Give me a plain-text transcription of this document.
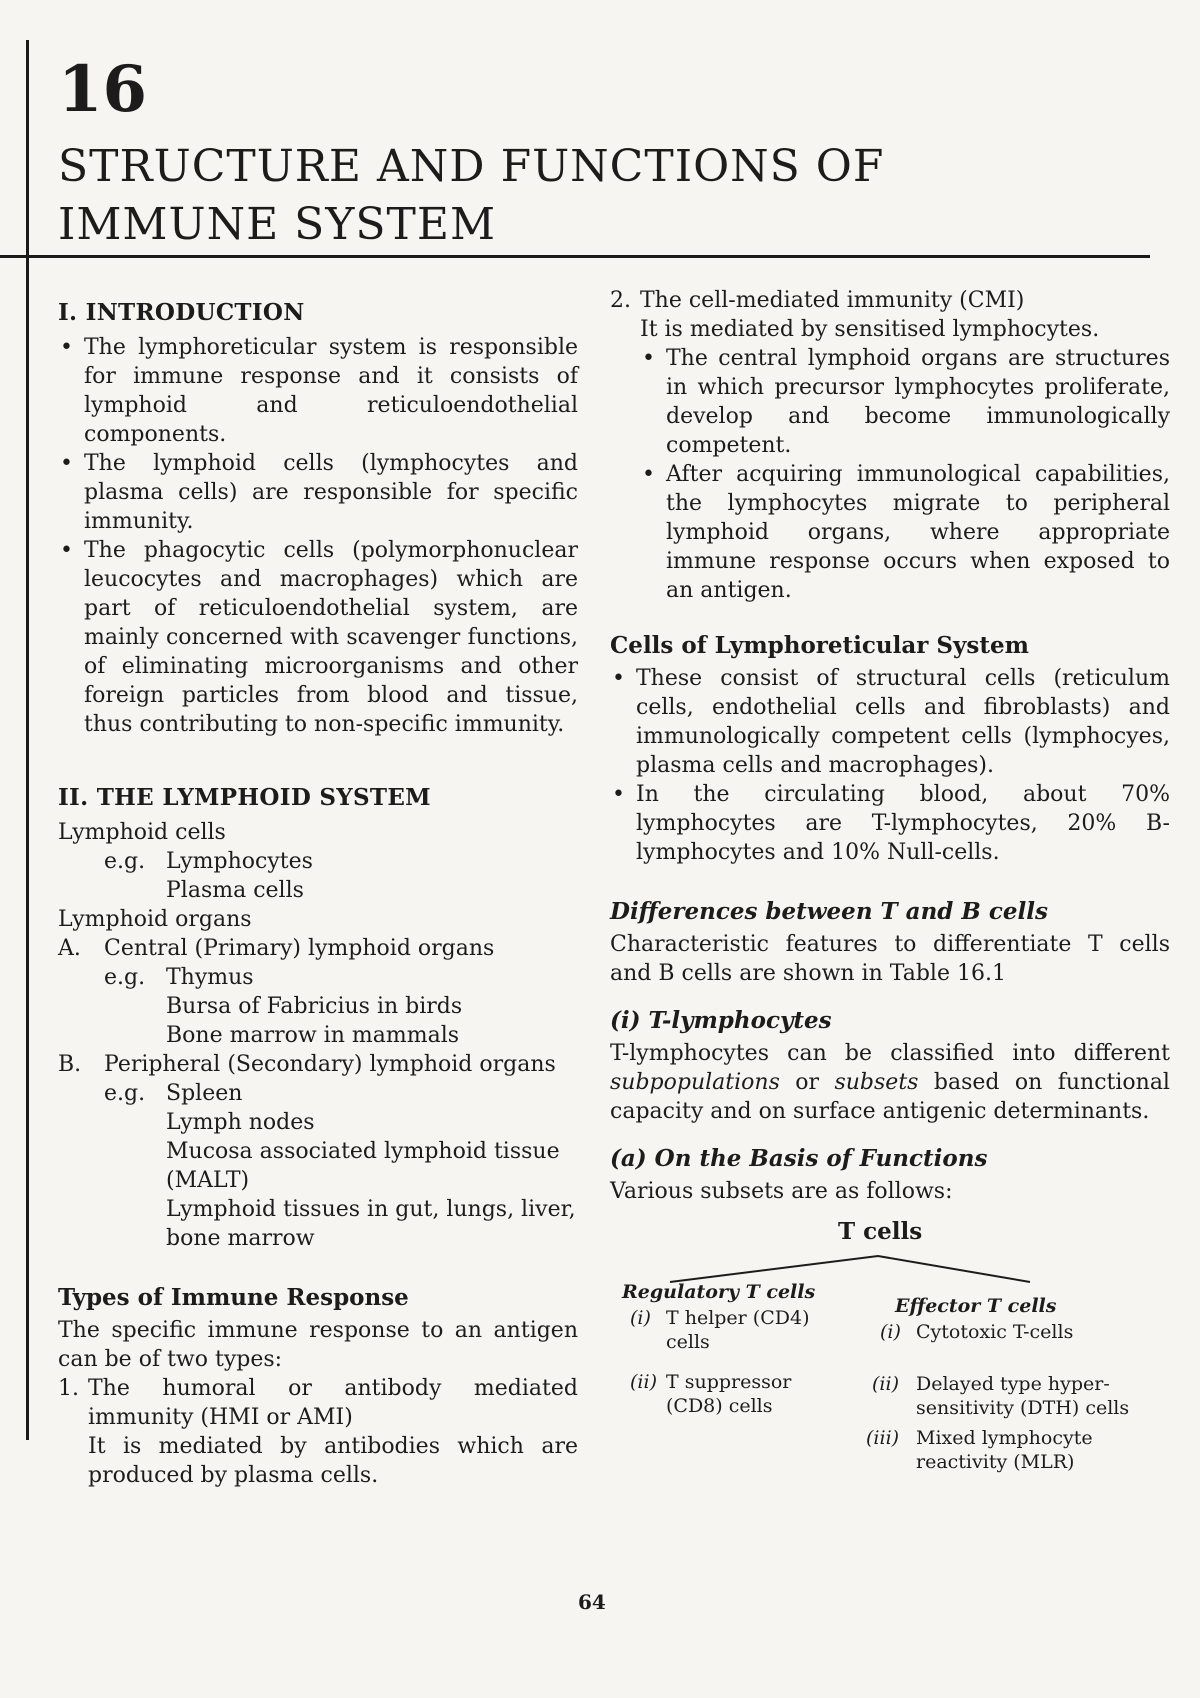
16
STRUCTURE AND FUNCTIONS OF
IMMUNE SYSTEM
I. INTRODUCTION
• The lymphoreticular system is responsible for immune response and it consists of lymphoid and reticuloendothelial components.
• The lymphoid cells (lymphocytes and plasma cells) are responsible for specific immunity.
• The phagocytic cells (polymorphonuclear leucocytes and macrophages) which are part of reticuloendothelial system, are mainly concerned with scavenger functions, of eliminating microorganisms and other foreign particles from blood and tissue, thus contributing to non-specific immunity.
II. THE LYMPHOID SYSTEM
Lymphoid cells
e.g. Lymphocytes
Plasma cells
Lymphoid organs
A. Central (Primary) lymphoid organs
e.g. Thymus
Bursa of Fabricius in birds
Bone marrow in mammals
B. Peripheral (Secondary) lymphoid organs
e.g. Spleen
Lymph nodes
Mucosa associated lymphoid tissue (MALT)
Lymphoid tissues in gut, lungs, liver, bone marrow
Types of Immune Response

The specific immune response to an antigen can be of two types:

1. The humoral or antibody mediated immunity (HMI or AMI)

It is mediated by antibodies which are produced by plasma cells.

2. The cell-mediated immunity (CMI)

It is mediated by sensitised lymphocytes.

• The central lymphoid organs are structures in which precursor lymphocytes proliferate, develop and become immunologically competent.
• After acquiring immunological capabilities, the lymphocytes migrate to peripheral lymphoid organs, where appropriate immune response occurs when exposed to an antigen.
Cells of Lymphoreticular System
• These consist of structural cells (reticulum cells, endothelial cells and fibroblasts) and immunologically competent cells (lymphocyes, plasma cells and macrophages).
• In the circulating blood, about 70% lymphocytes are T-lymphocytes, 20% B-lymphocytes and 10% Null-cells.
Differences between T and B cells

Characteristic features to differentiate T cells and B cells are shown in Table 16.1

(i) T-lymphocytes

T-lymphocytes can be classified into different subpopulations or subsets based on functional capacity and on surface antigenic determinants.

(a) On the Basis of Functions

Various subsets are as follows:

T cells
Regulatory T cells
(i) T helper (CD4) cells
(ii) T suppressor (CD8) cells
Effector T cells
(i) Cytotoxic T-cells
(ii) Delayed type hyper-sensitivity (DTH) cells
(iii) Mixed lymphocyte reactivity (MLR)
64
